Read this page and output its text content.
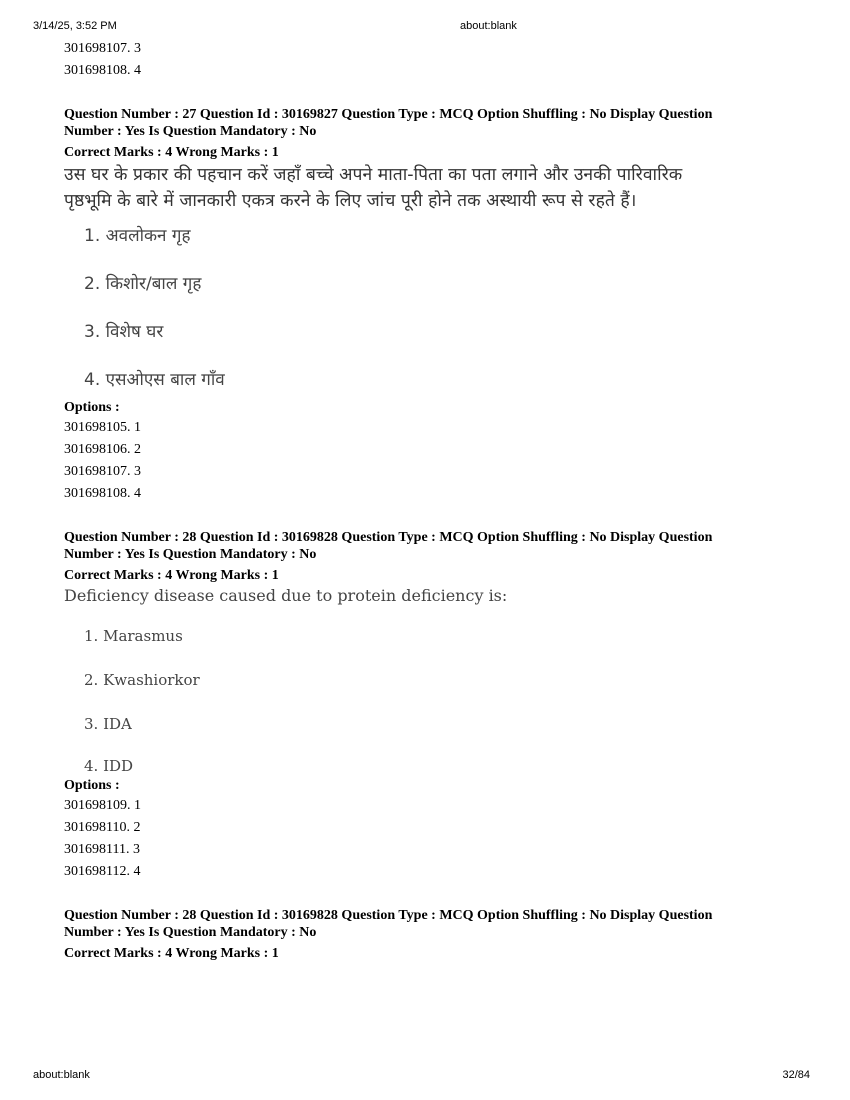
3/14/25, 3:52 PM	about:blank
301698107. 3
301698108. 4

Question Number : 27 Question Id : 30169827 Question Type : MCQ Option Shuffling : No Display Question

Number : Yes Is Question Mandatory : No

Correct Marks : 4 Wrong Marks : 1

उस घर के प्रकार की पहचान करें जहाँ बच्चे अपने माता-पिता का पता लगाने और उनकी पारिवारिक
पृष्ठभूमि के बारे में जानकारी एकत्र करने के लिए जांच पूरी होने तक अस्थायी रूप से रहते हैं।
1. अवलोकन गृह
2. किशोर/बाल गृह
3. विशेष घर
4. एसओएस बाल गाँव
Options :
301698105. 1
301698106. 2
301698107. 3
301698108. 4

Question Number : 28 Question Id : 30169828 Question Type : MCQ Option Shuffling : No Display Question

Number : Yes Is Question Mandatory : No

Correct Marks : 4 Wrong Marks : 1

Deficiency disease caused due to protein deficiency is:
1. Marasmus
2. Kwashiorkor
3. IDA
4. IDD
Options :
301698109. 1
301698110. 2
301698111. 3
301698112. 4

Question Number : 28 Question Id : 30169828 Question Type : MCQ Option Shuffling : No Display Question

Number : Yes Is Question Mandatory : No

Correct Marks : 4 Wrong Marks : 1

about:blank	32/84
